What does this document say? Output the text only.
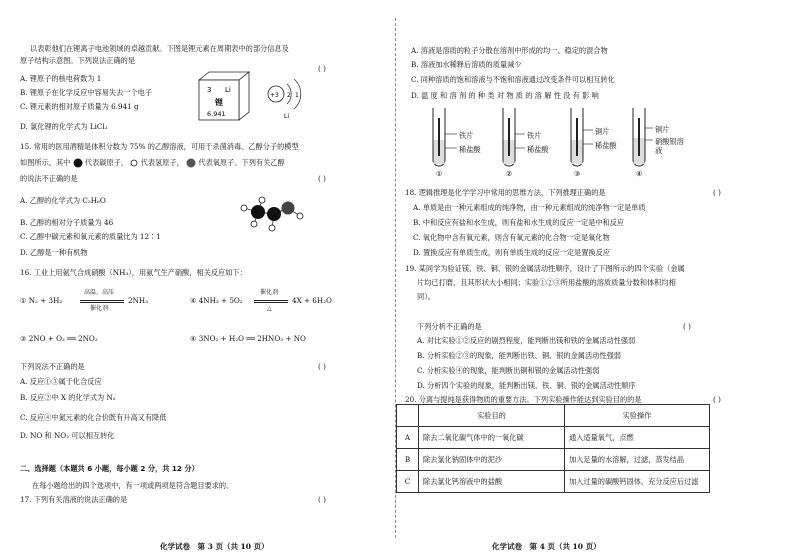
以表彰他们在锂离子电池领域的卓越贡献。下图是锂元素在周期表中的部分信息及
原子结构示意图。下列说法正确的是
( )
A. 锂原子的核电荷数为 1
B. 锂原子在化学反应中容易失去一个电子
C. 锂元素的相对原子质量为 6.941 g
D. 氯化锂的化学式为 LiCl₂
3 Li
锂
6.941
+3 2 1
Li
15. 常用的医用酒精是体积分数为 75% 的乙醇溶液，可用于杀菌消毒。乙醇分子的模型
如图所示，其中 代表碳原子， 代表氢原子， 代表氧原子。下列有关乙醇
的说法不正确的是	( )
A. 乙醇的化学式为 C₂H₆O
B. 乙醇的相对分子质量为 46
C. 乙醇中碳元素和氧元素的质量比为 12∶1
D. 乙醇是一种有机物
16. 工业上用氨气合成硝酸（NH₃），用氨气生产硝酸，相关反应如下：
① N₂ + 3H₂
高温、高压
催化剂
2NH₃	④ 4NH₃ + 5O₂
催化剂
△
4X + 6H₂O
③ 2NO + O₂ ══ 2NO₂	④ 3NO₂ + H₂O ══ 2HNO₃ + NO
下列说法不正确的是	( )
A. 反应①③属于化合反应
B. 反应②中 X 的化学式为 N₂
C. 反应④中氮元素的化合价既有升高又有降低
D. NO 和 NO₂ 可以相互转化
二、选择题（本题共 6 小题，每小题 2 分，共 12 分）
在每小题给出的四个选项中，有一项或两项是符合题目要求的。
17. 下列有关溶液的说法正确的是	( )
化学试卷　第 3 页（共 10 页）
A. 溶液是溶质的粒子分散在溶剂中形成的均一、稳定的混合物
B. 溶液加水稀释后溶质的质量减少
C. 同种溶质的饱和溶液与不饱和溶液通过改变条件可以相互转化
D. 温 度 和 溶 剂 的 种 类 对 物 质 的 溶 解 性 没 有 影 响
①	②	③	④
铁片
稀盐酸
铁片
稀盐酸
铜片
稀盐酸
铜片
硝酸银溶液
18. 逻辑推理是化学学习中常用的思维方法，下列推理正确的是	( )
A. 单质是由一种元素组成的纯净物，由一种元素组成的纯净物一定是单质
B. 中和反应有盐和水生成，则有盐和水生成的反应一定是中和反应
C. 氧化物中含有氧元素，则含有氧元素的化合物一定是氧化物
D. 置换反应有单质生成，则有单质生成的反应一定是置换反应
19. 某同学为验证镁、铁、铜、银的金属活动性顺序，设计了下图所示的四个实验（金属
片均已打磨，且其形状大小相同；实验①②③所用盐酸的溶质质量分数和体积均相
同）。
下列分析不正确的是	( )
A. 对比实验①②反应的剧烈程度，能判断出镁和铁的金属活动性强弱
B. 分析实验②③的现象，能判断出铁、铜、银的金属活动性强弱
C. 分析实验④的现象，能判断出铜和银的金属活动性强弱
D. 分析四个实验的现象，能判断出镁、铁、铜、银的金属活动性顺序
20. 分离与提纯是获得物质的重要方法。下列实验操作能达到实验目的的是	( )
化学试卷　第 4 页（共 10 页）
	实验目的	实验操作
A	除去二氧化碳气体中的一氧化碳	通入适量氧气，点燃
B	除去氯化钠固体中的泥沙	加入足量的水溶解，过滤，蒸发结晶
C	除去氯化钙溶液中的盐酸	加入过量的碳酸钙固体，充分反应后过滤
